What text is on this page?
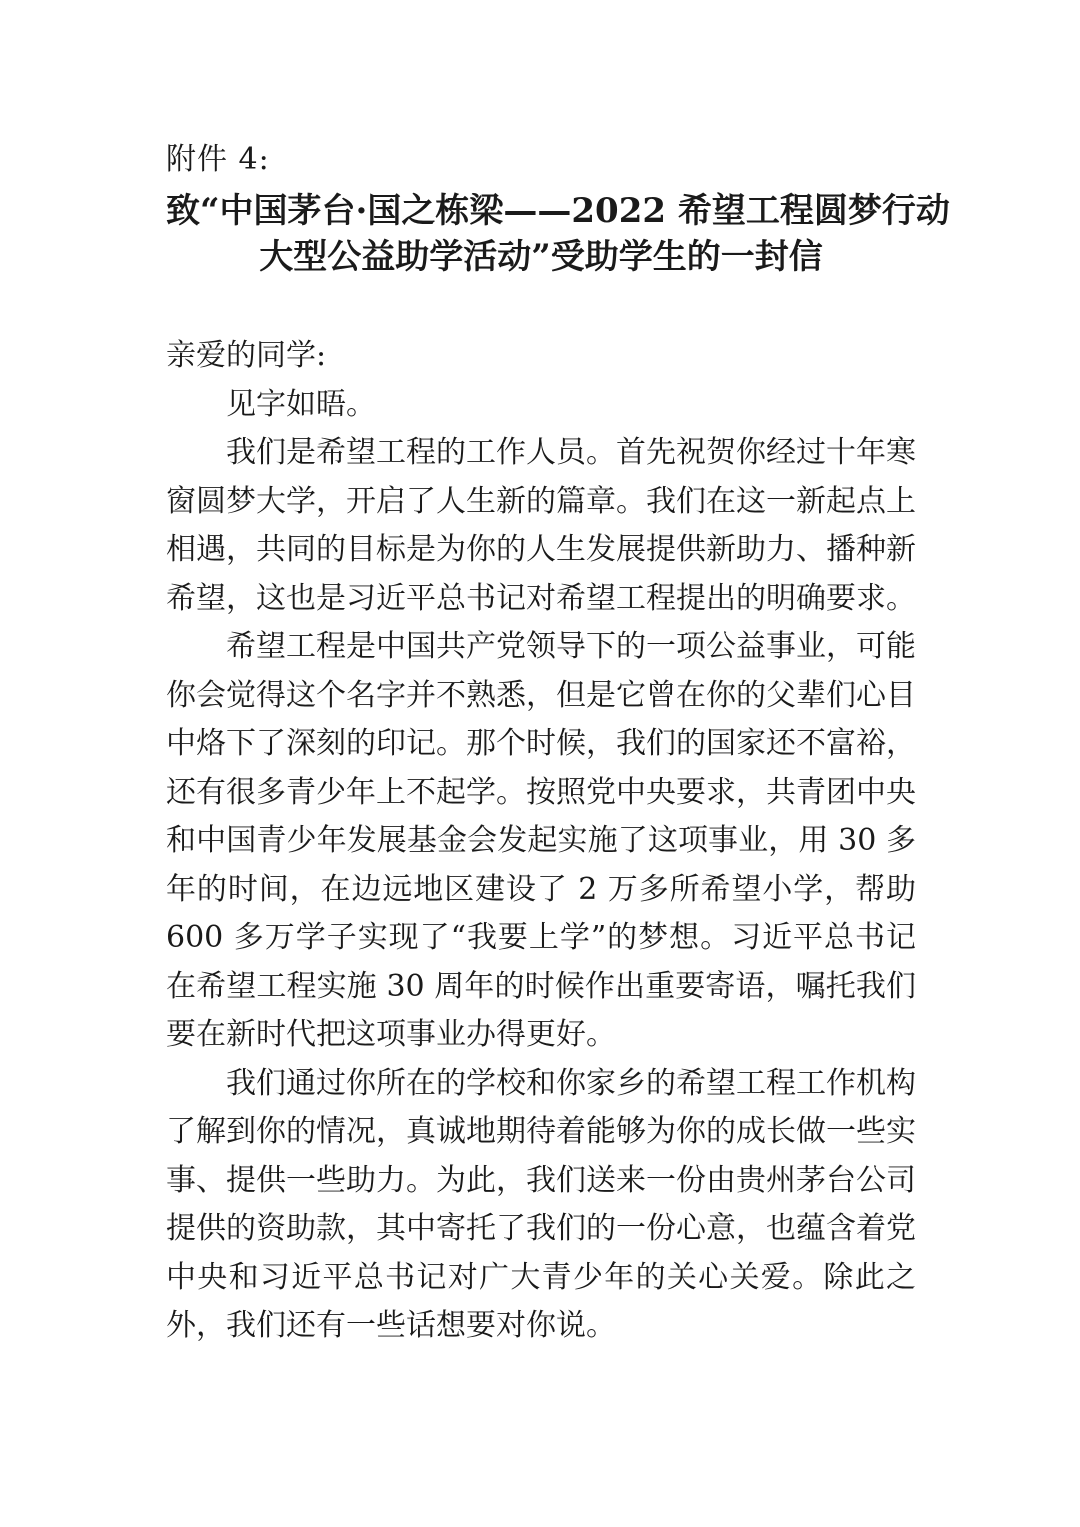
附件 4:
致“中国茅台·国之栋梁——2022 希望工程圆梦行动
大型公益助学活动”受助学生的一封信

亲爱的同学:

见字如晤。

我们是希望工程的工作人员。首先祝贺你经过十年寒窗圆梦大学，开启了人生新的篇章。我们在这一新起点上相遇，共同的目标是为你的人生发展提供新助力、播种新希望，这也是习近平总书记对希望工程提出的明确要求。

希望工程是中国共产党领导下的一项公益事业，可能你会觉得这个名字并不熟悉，但是它曾在你的父辈们心目中烙下了深刻的印记。那个时候，我们的国家还不富裕，还有很多青少年上不起学。按照党中央要求，共青团中央和中国青少年发展基金会发起实施了这项事业，用 30 多年的时间，在边远地区建设了 2 万多所希望小学，帮助 600 多万学子实现了“我要上学”的梦想。习近平总书记在希望工程实施 30 周年的时候作出重要寄语，嘱托我们要在新时代把这项事业办得更好。

我们通过你所在的学校和你家乡的希望工程工作机构了解到你的情况，真诚地期待着能够为你的成长做一些实事、提供一些助力。为此，我们送来一份由贵州茅台公司提供的资助款，其中寄托了我们的一份心意，也蕴含着党中央和习近平总书记对广大青少年的关心关爱。除此之外，我们还有一些话想要对你说。
